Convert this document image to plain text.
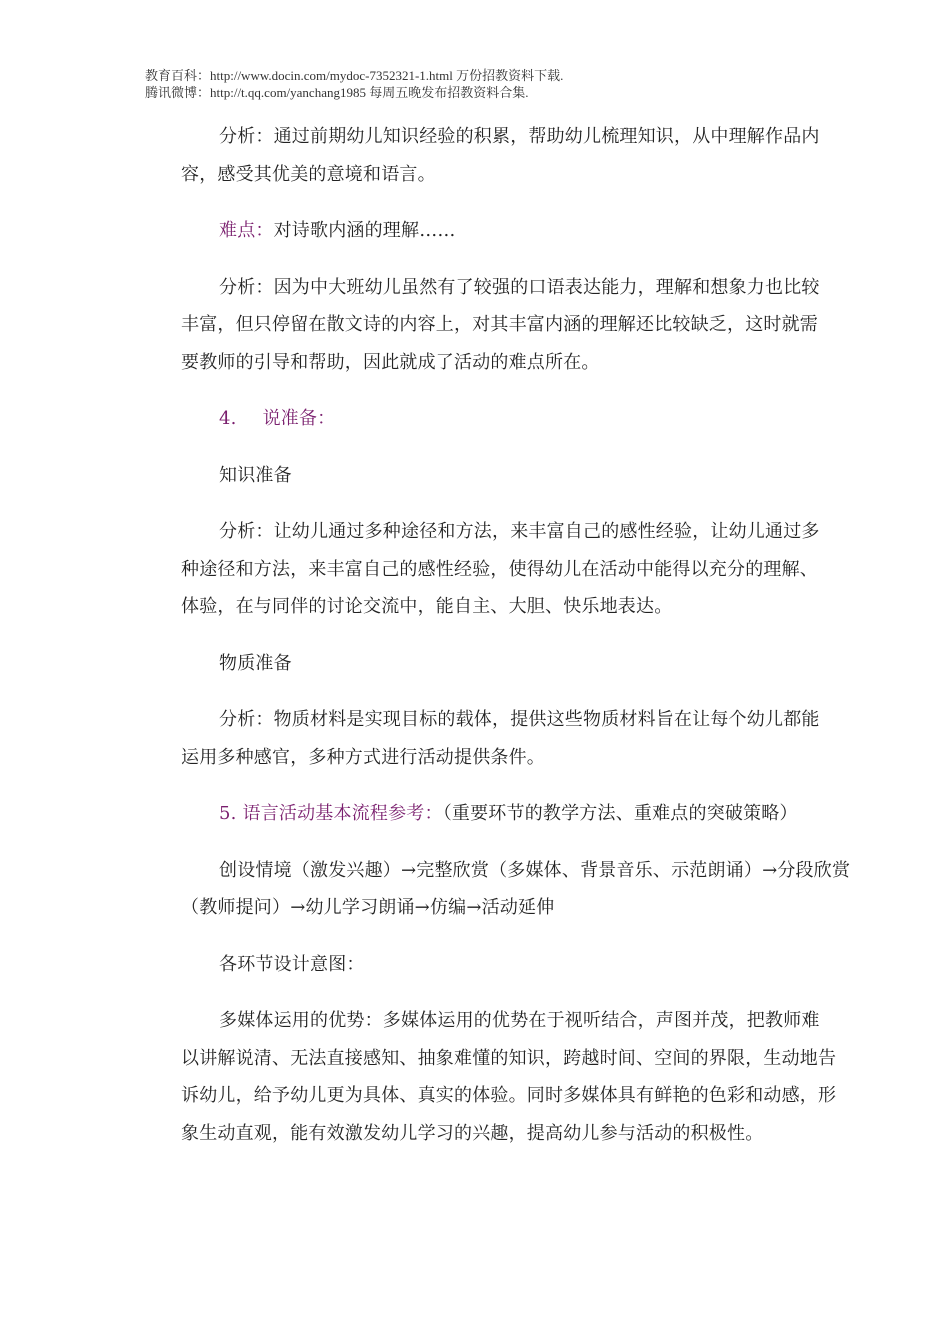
教育百科：http://www.docin.com/mydoc-7352321-1.html 万份招教资料下载.
腾讯微博：http://t.qq.com/yanchang1985 每周五晚发布招教资料合集.
分析：通过前期幼儿知识经验的积累，帮助幼儿梳理知识，从中理解作品内
容，感受其优美的意境和语言。
难点：对诗歌内涵的理解……
分析：因为中大班幼儿虽然有了较强的口语表达能力，理解和想象力也比较
丰富，但只停留在散文诗的内容上，对其丰富内涵的理解还比较缺乏，这时就需
要教师的引导和帮助，因此就成了活动的难点所在。
4. 说准备：
知识准备
分析：让幼儿通过多种途径和方法，来丰富自己的感性经验，让幼儿通过多
种途径和方法，来丰富自己的感性经验，使得幼儿在活动中能得以充分的理解、
体验，在与同伴的讨论交流中，能自主、大胆、快乐地表达。
物质准备
分析：物质材料是实现目标的载体，提供这些物质材料旨在让每个幼儿都能
运用多种感官，多种方式进行活动提供条件。
5. 语言活动基本流程参考：（重要环节的教学方法、重难点的突破策略）
创设情境（激发兴趣）→完整欣赏（多媒体、背景音乐、示范朗诵）→分段欣赏
（教师提问）→幼儿学习朗诵→仿编→活动延伸
各环节设计意图：
多媒体运用的优势：多媒体运用的优势在于视听结合，声图并茂，把教师难
以讲解说清、无法直接感知、抽象难懂的知识，跨越时间、空间的界限，生动地告
诉幼儿，给予幼儿更为具体、真实的体验。同时多媒体具有鲜艳的色彩和动感，形
象生动直观，能有效激发幼儿学习的兴趣，提高幼儿参与活动的积极性。
